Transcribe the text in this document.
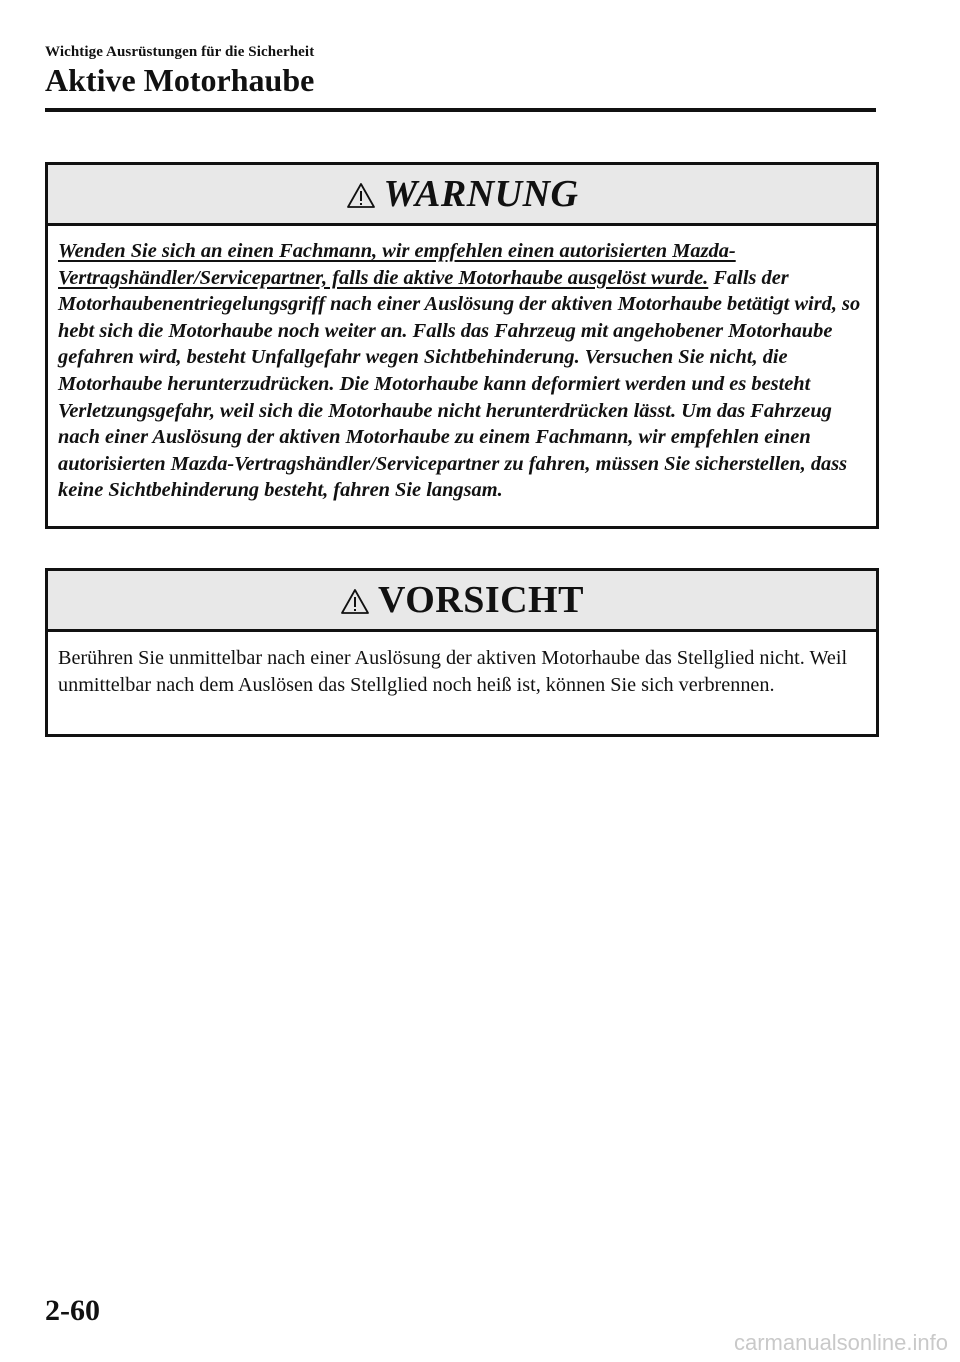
Wichtige Ausrüstungen für die Sicherheit
Aktive Motorhaube
WARNUNG
Wenden Sie sich an einen Fachmann, wir empfehlen einen autorisierten Mazda-Vertragshändler/Servicepartner, falls die aktive Motorhaube ausgelöst wurde. Falls der Motorhaubenentriegelungsgriff nach einer Auslösung der aktiven Motorhaube betätigt wird, so hebt sich die Motorhaube noch weiter an. Falls das Fahrzeug mit angehobener Motorhaube gefahren wird, besteht Unfallgefahr wegen Sichtbehinderung. Versuchen Sie nicht, die Motorhaube herunterzudrücken. Die Motorhaube kann deformiert werden und es besteht Verletzungsgefahr, weil sich die Motorhaube nicht herunterdrücken lässt. Um das Fahrzeug nach einer Auslösung der aktiven Motorhaube zu einem Fachmann, wir empfehlen einen autorisierten Mazda-Vertragshändler/Servicepartner zu fahren, müssen Sie sicherstellen, dass keine Sichtbehinderung besteht, fahren Sie langsam.
VORSICHT
Berühren Sie unmittelbar nach einer Auslösung der aktiven Motorhaube das Stellglied nicht. Weil unmittelbar nach dem Auslösen das Stellglied noch heiß ist, können Sie sich verbrennen.
2-60
carmanualsonline.info
